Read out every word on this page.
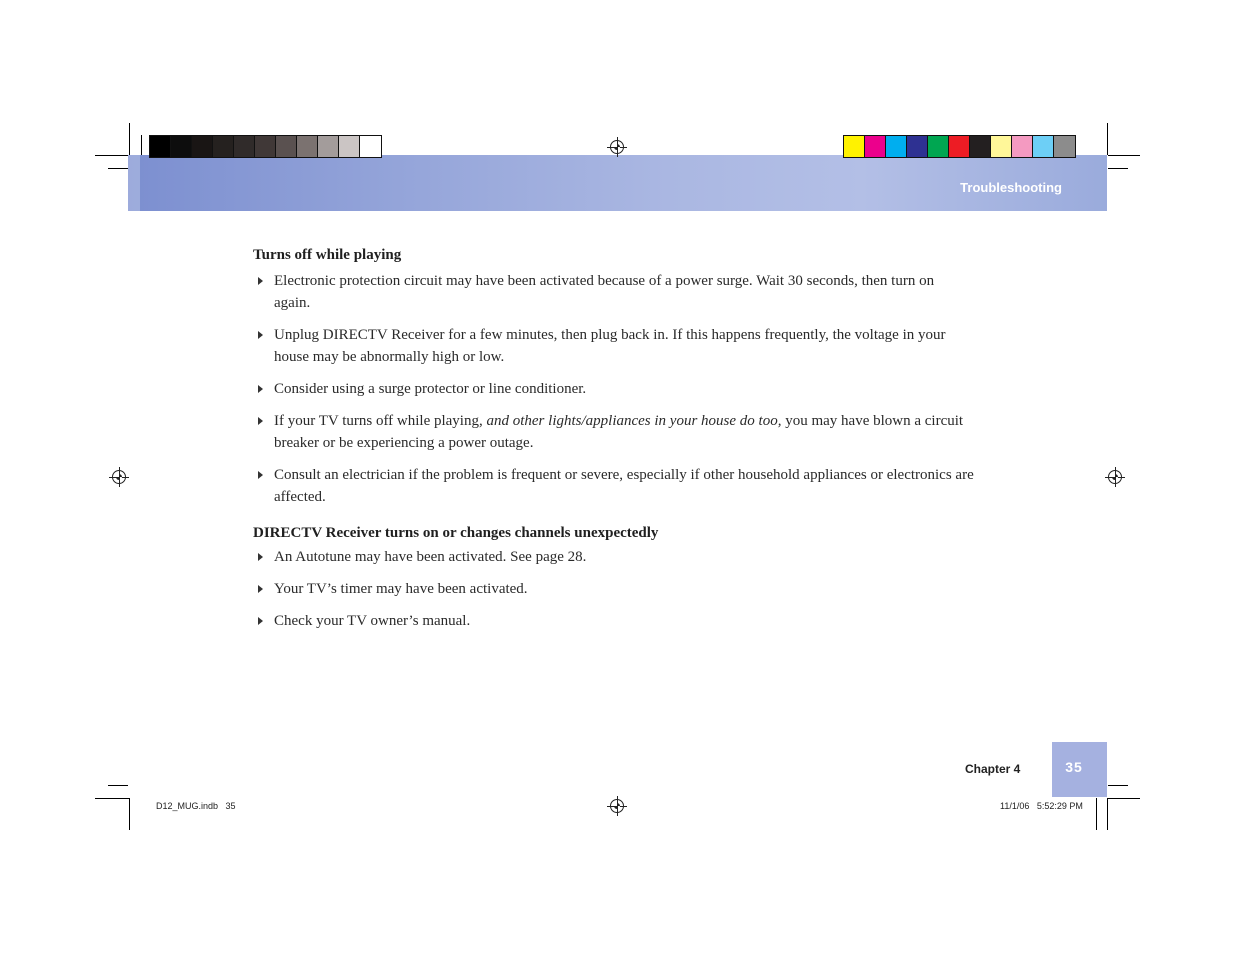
Troubleshooting
Turns off while playing
Electronic protection circuit may have been activated because of a power surge. Wait 30 seconds, then turn on again.
Unplug DIRECTV Receiver for a few minutes, then plug back in. If this happens frequently, the voltage in your house may be abnormally high or low.
Consider using a surge protector or line conditioner.
If your TV turns off while playing, and other lights/appliances in your house do too, you may have blown a circuit breaker or be experiencing a power outage.
Consult an electrician if the problem is frequent or severe, especially if other household appliances or electronics are affected.
DIRECTV Receiver turns on or changes channels unexpectedly
An Autotune may have been activated. See page 28.
Your TV’s timer may have been activated.
Check your TV owner’s manual.
Chapter 4	35
D12_MUG.indb   35	11/1/06   5:52:29 PM
